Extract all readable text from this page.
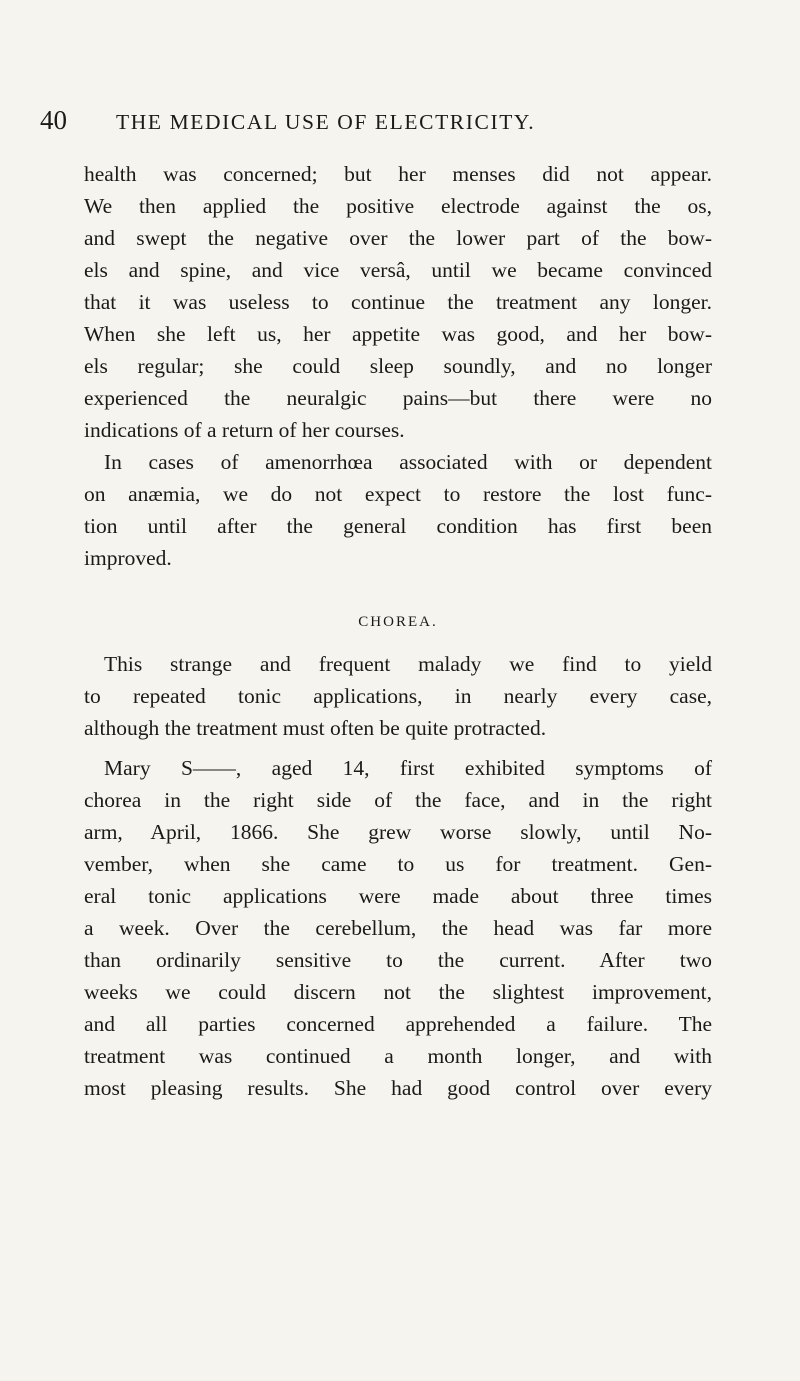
40 THE MEDICAL USE OF ELECTRICITY.
health was concerned; but her menses did not appear.
We then applied the positive electrode against the os,
and swept the negative over the lower part of the bow-
els and spine, and vice versâ, until we became convinced
that it was useless to continue the treatment any longer.
When she left us, her appetite was good, and her bow-
els regular; she could sleep soundly, and no longer
experienced the neuralgic pains—but there were no
indications of a return of her courses.
In cases of amenorrhœa associated with or dependent
on anæmia, we do not expect to restore the lost func-
tion until after the general condition has first been
improved.
CHOREA.
This strange and frequent malady we find to yield
to repeated tonic applications, in nearly every case,
although the treatment must often be quite protracted.
Mary S——, aged 14, first exhibited symptoms of
chorea in the right side of the face, and in the right
arm, April, 1866. She grew worse slowly, until No-
vember, when she came to us for treatment. Gen-
eral tonic applications were made about three times
a week. Over the cerebellum, the head was far more
than ordinarily sensitive to the current. After two
weeks we could discern not the slightest improvement,
and all parties concerned apprehended a failure. The
treatment was continued a month longer, and with
most pleasing results. She had good control over every
